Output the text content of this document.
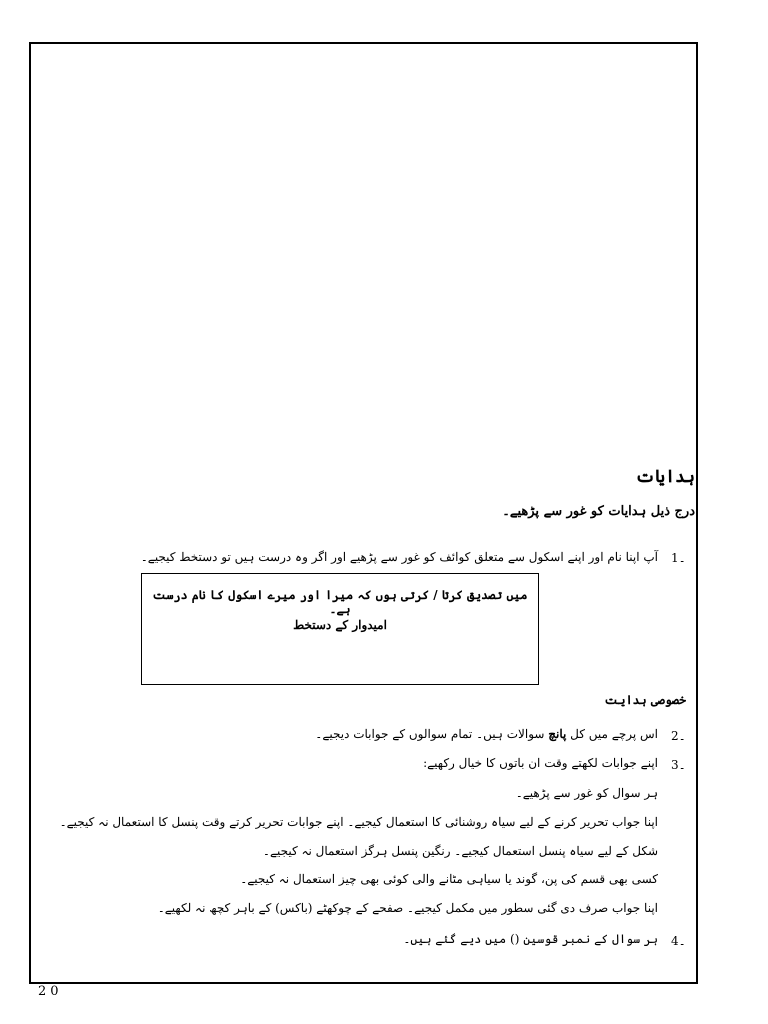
ہدایات
درج ذیل ہدایات کو غور سے پڑھیے۔
1۔
آپ اپنا نام اور اپنے اسکول سے متعلق کوائف کو غور سے پڑھیے اور اگر وہ درست ہیں تو دستخط کیجیے۔
میں تصدیق کرتا / کرتی ہوں کہ میرا اور میرے اسکول کا نام درست ہے۔
امیدوار کے دستخط
خصوصی ہدایت
2۔
اس پرچے میں کل پانچ سوالات ہیں۔ تمام سوالوں کے جوابات دیجیے۔
3۔
اپنے جوابات لکھتے وقت ان باتوں کا خیال رکھیے:
ہر سوال کو غور سے پڑھیے۔
اپنا جواب تحریر کرنے کے لیے سیاہ روشنائی کا استعمال کیجیے۔ اپنے جوابات تحریر کرتے وقت پنسل کا استعمال نہ کیجیے۔
شکل کے لیے سیاہ پنسل استعمال کیجیے۔ رنگین پنسل ہرگز استعمال نہ کیجیے۔
کسی بھی قسم کی پن، گوند یا سیاہی مٹانے والی کوئی بھی چیز استعمال نہ کیجیے۔
اپنا جواب صرف دی گئی سطور میں مکمل کیجیے۔ صفحے کے چوکھٹے (باکس) کے باہر کچھ نہ لکھیے۔
4۔
ہر سوال کے نمبر قوسین () میں دیے گئے ہیں۔
20
